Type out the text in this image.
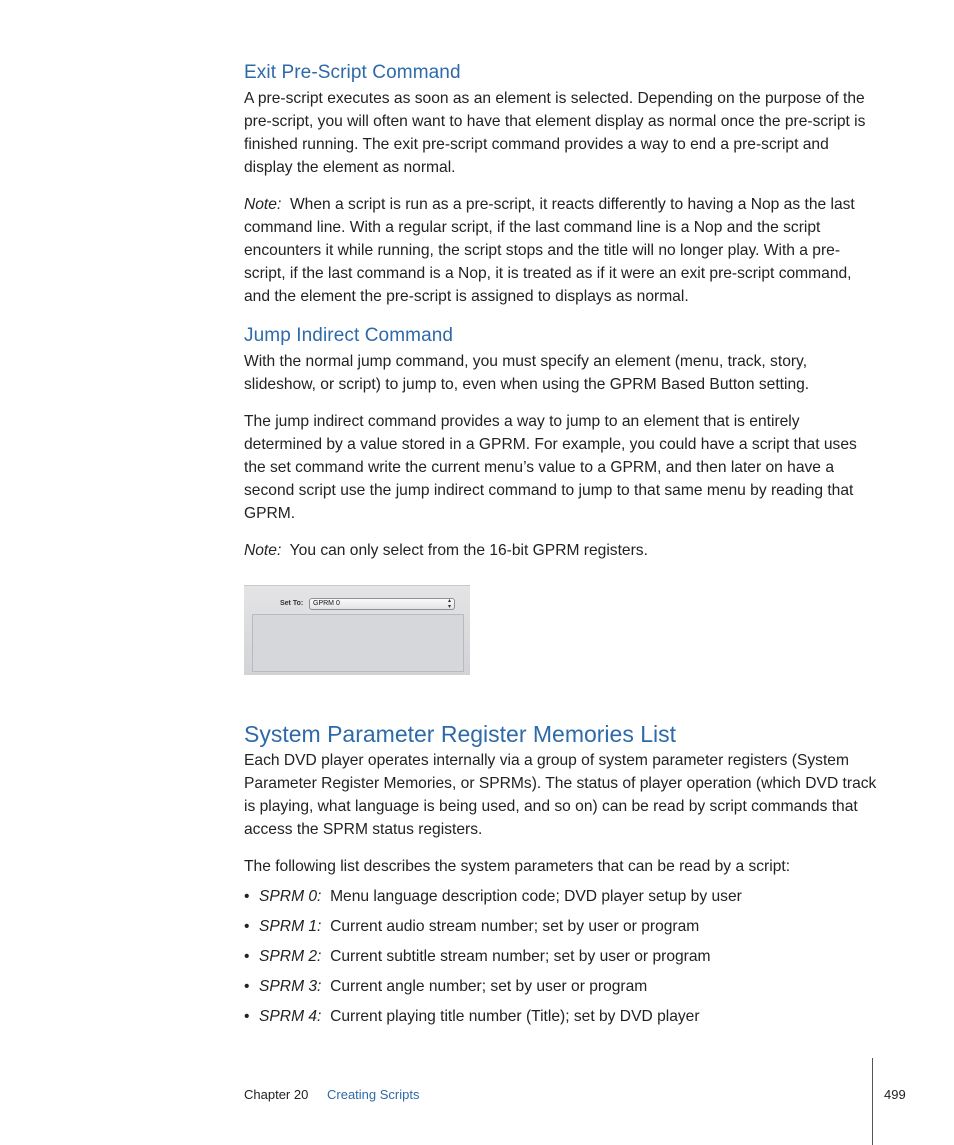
Exit Pre-Script Command

A pre-script executes as soon as an element is selected. Depending on the purpose of the pre-script, you will often want to have that element display as normal once the pre-script is finished running. The exit pre-script command provides a way to end a pre-script and display the element as normal.

Note: When a script is run as a pre-script, it reacts differently to having a Nop as the last command line. With a regular script, if the last command line is a Nop and the script encounters it while running, the script stops and the title will no longer play. With a pre-script, if the last command is a Nop, it is treated as if it were an exit pre-script command, and the element the pre-script is assigned to displays as normal.

Jump Indirect Command

With the normal jump command, you must specify an element (menu, track, story, slideshow, or script) to jump to, even when using the GPRM Based Button setting.

The jump indirect command provides a way to jump to an element that is entirely determined by a value stored in a GPRM. For example, you could have a script that uses the set command write the current menu’s value to a GPRM, and then later on have a second script use the jump indirect command to jump to that same menu by reading that GPRM.

Note: You can only select from the 16-bit GPRM registers.

Set To:	GPRM 0	▴
▾
System Parameter Register Memories List

Each DVD player operates internally via a group of system parameter registers (System Parameter Register Memories, or SPRMs). The status of player operation (which DVD track is playing, what language is being used, and so on) can be read by script commands that access the SPRM status registers.

The following list describes the system parameters that can be read by a script:

• SPRM 0: Menu language description code; DVD player setup by user
• SPRM 1: Current audio stream number; set by user or program
• SPRM 2: Current subtitle stream number; set by user or program
• SPRM 3: Current angle number; set by user or program
• SPRM 4: Current playing title number (Title); set by DVD player
Chapter 20 Creating Scripts	499
